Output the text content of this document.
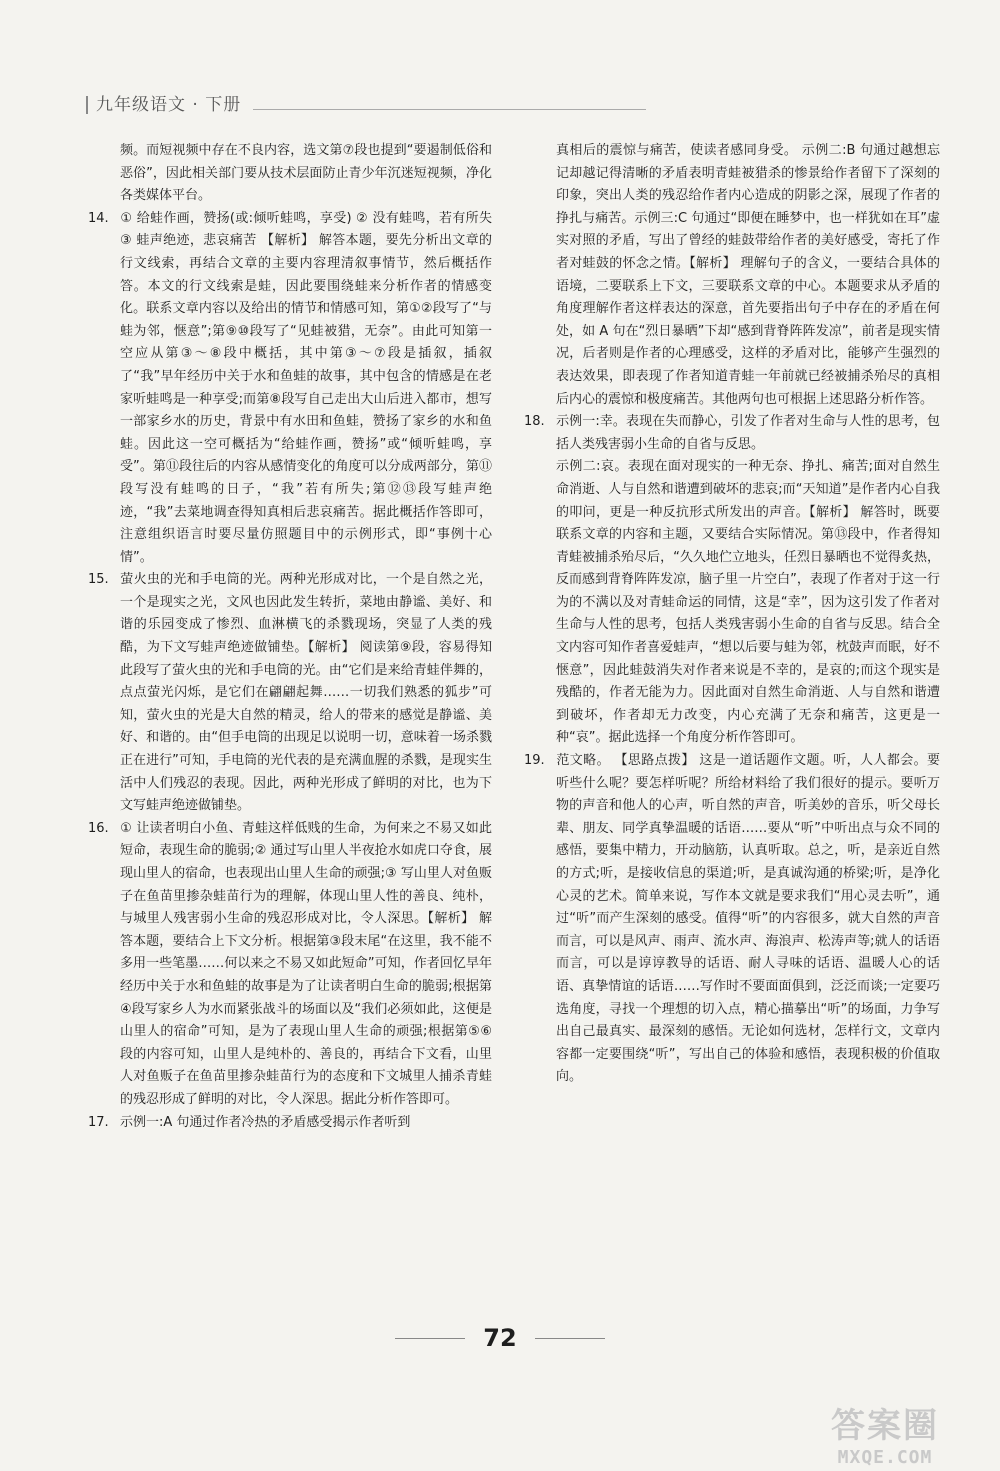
九年级语文 · 下册

频。而短视频中存在不良内容，选文第⑦段也提到“要遏制低俗和恶俗”，因此相关部门要从技术层面防止青少年沉迷短视频，净化各类媒体平台。

14. ① 给蛙作画，赞扬(或:倾听蛙鸣，享受) ② 没有蛙鸣，若有所失 ③ 蛙声绝迹，悲哀痛苦 【解析】 解答本题，要先分析出文章的行文线索，再结合文章的主要内容理清叙事情节，然后概括作答。本文的行文线索是蛙，因此要围绕蛙来分析作者的情感变化。联系文章内容以及给出的情节和情感可知，第①②段写了“与蛙为邻，惬意”;第⑨⑩段写了“见蛙被猎，无奈”。由此可知第一空应从第③～⑧段中概括，其中第③～⑦段是插叙，插叙了“我”早年经历中关于水和鱼蛙的故事，其中包含的情感是在老家听蛙鸣是一种享受;而第⑧段写自己走出大山后进入都市，想写一部家乡水的历史，背景中有水田和鱼蛙，赞扬了家乡的水和鱼蛙。因此这一空可概括为“给蛙作画，赞扬”或“倾听蛙鸣，享受”。第⑪段往后的内容从感情变化的角度可以分成两部分，第⑪段写没有蛙鸣的日子，“我”若有所失;第⑫⑬段写蛙声绝迹，“我”去菜地调查得知真相后悲哀痛苦。据此概括作答即可，注意组织语言时要尽量仿照题目中的示例形式，即“事例十心情”。

15. 萤火虫的光和手电筒的光。两种光形成对比，一个是自然之光，一个是现实之光，文风也因此发生转折，菜地由静谧、美好、和谐的乐园变成了惨烈、血淋横飞的杀戮现场，突显了人类的残酷，为下文写蛙声绝迹做铺垫。【解析】 阅读第⑨段，容易得知此段写了萤火虫的光和手电筒的光。由“它们是来给青蛙伴舞的，点点萤光闪烁，是它们在翩翩起舞……一切我们熟悉的狐步”可知，萤火虫的光是大自然的精灵，给人的带来的感觉是静谧、美好、和谐的。由“但手电筒的出现足以说明一切，意味着一场杀戮正在进行”可知，手电筒的光代表的是充满血腥的杀戮，是现实生活中人们残忍的表现。因此，两种光形成了鲜明的对比，也为下文写蛙声绝迹做铺垫。

16. ① 让读者明白小鱼、青蛙这样低贱的生命，为何来之不易又如此短命，表现生命的脆弱;② 通过写山里人半夜抢水如虎口夺食，展现山里人的宿命，也表现出山里人生命的顽强;③ 写山里人对鱼贩子在鱼苗里掺杂蛙苗行为的理解，体现山里人性的善良、纯朴，与城里人残害弱小生命的残忍形成对比，令人深思。【解析】 解答本题，要结合上下文分析。根据第③段末尾“在这里，我不能不多用一些笔墨……何以来之不易又如此短命”可知，作者回忆早年经历中关于水和鱼蛙的故事是为了让读者明白生命的脆弱;根据第④段写家乡人为水而紧张战斗的场面以及“我们必须如此，这便是山里人的宿命”可知，是为了表现山里人生命的顽强;根据第⑤⑥段的内容可知，山里人是纯朴的、善良的，再结合下文看，山里人对鱼贩子在鱼苗里掺杂蛙苗行为的态度和下文城里人捕杀青蛙的残忍形成了鲜明的对比，令人深思。据此分析作答即可。

17. 示例一:A 句通过作者冷热的矛盾感受揭示作者听到

真相后的震惊与痛苦，使读者感同身受。 示例二:B 句通过越想忘记却越记得清晰的矛盾表明青蛙被猎杀的惨景给作者留下了深刻的印象，突出人类的残忍给作者内心造成的阴影之深，展现了作者的挣扎与痛苦。示例三:C 句通过“即便在睡梦中，也一样犹如在耳”虚实对照的矛盾，写出了曾经的蛙鼓带给作者的美好感受，寄托了作者对蛙鼓的怀念之情。【解析】 理解句子的含义，一要结合具体的语境，二要联系上下文，三要联系文章的中心。本题要求从矛盾的角度理解作者这样表达的深意，首先要指出句子中存在的矛盾在何处，如 A 句在“烈日暴晒”下却“感到背脊阵阵发凉”，前者是现实情况，后者则是作者的心理感受，这样的矛盾对比，能够产生强烈的表达效果，即表现了作者知道青蛙一年前就已经被捕杀殆尽的真相后内心的震惊和极度痛苦。其他两句也可根据上述思路分析作答。

18. 示例一:幸。表现在失而静心，引发了作者对生命与人性的思考，包括人类残害弱小生命的自省与反思。
示例二:哀。表现在面对现实的一种无奈、挣扎、痛苦;面对自然生命消逝、人与自然和谐遭到破坏的悲哀;而“天知道”是作者内心自我的叩问，更是一种反抗形式所发出的声音。【解析】 解答时，既要联系文章的内容和主题，又要结合实际情况。第⑬段中，作者得知青蛙被捕杀殆尽后，“久久地伫立地头，任烈日暴晒也不觉得炙热，反而感到背脊阵阵发凉，脑子里一片空白”，表现了作者对于这一行为的不满以及对青蛙命运的同情，这是“幸”，因为这引发了作者对生命与人性的思考，包括人类残害弱小生命的自省与反思。结合全文内容可知作者喜爱蛙声，“想以后要与蛙为邻，枕鼓声而眠，好不惬意”，因此蛙鼓消失对作者来说是不幸的，是哀的;而这个现实是残酷的，作者无能为力。因此面对自然生命消逝、人与自然和谐遭到破坏，作者却无力改变，内心充满了无奈和痛苦，这更是一种“哀”。据此选择一个角度分析作答即可。

19. 范文略。 【思路点拨】 这是一道话题作文题。听，人人都会。要听些什么呢？要怎样听呢？所给材料给了我们很好的提示。要听万物的声音和他人的心声，听自然的声音，听美妙的音乐，听父母长辈、朋友、同学真挚温暖的话语……要从“听”中听出点与众不同的感悟，要集中精力，开动脑筋，认真听取。总之，听，是亲近自然的方式;听，是接收信息的渠道;听，是真诚沟通的桥梁;听，是净化心灵的艺术。简单来说，写作本文就是要求我们“用心灵去听”，通过“听”而产生深刻的感受。值得“听”的内容很多，就大自然的声音而言，可以是风声、雨声、流水声、海浪声、松涛声等;就人的话语而言，可以是谆谆教导的话语、耐人寻味的话语、温暖人心的话语、真挚情谊的话语……写作时不要面面俱到，泛泛而谈;一定要巧选角度，寻找一个理想的切入点，精心描摹出“听”的场面，力争写出自己最真实、最深刻的感悟。无论如何选材，怎样行文，文章内容都一定要围绕“听”，写出自己的体验和感悟，表现积极的价值取向。

72
答案圈
MXQE.COM
